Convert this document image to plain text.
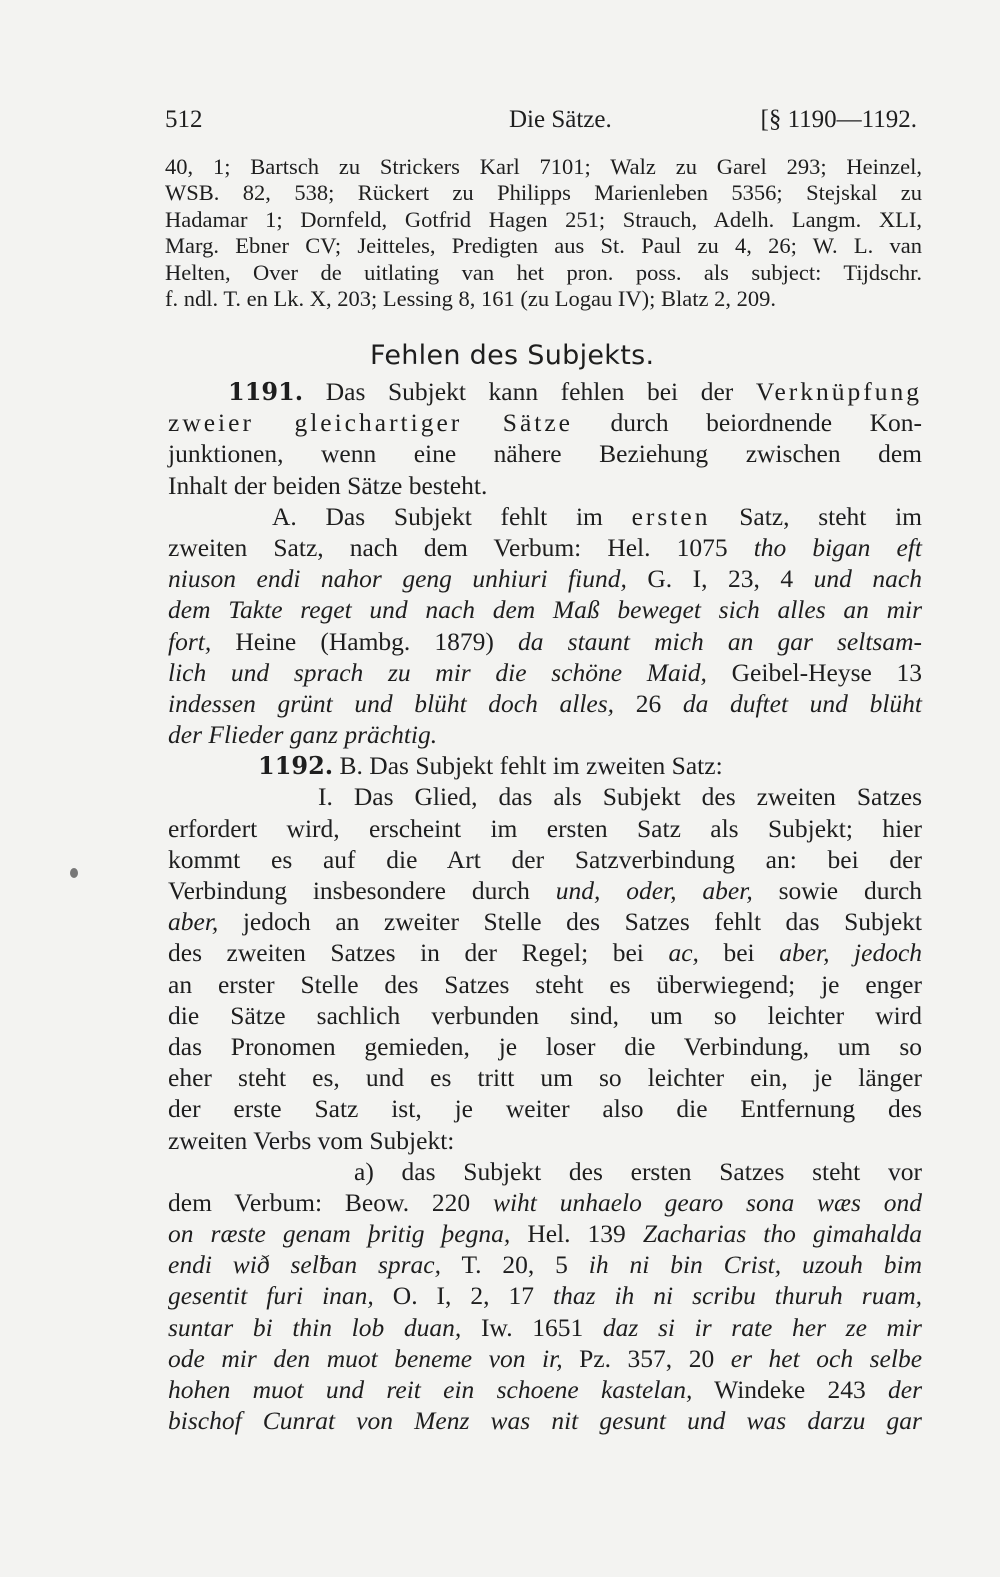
512	Die Sätze.	[§ 1190—1192.
40, 1; Bartsch zu Strickers Karl 7101; Walz zu Garel 293; Heinzel,
WSB. 82, 538; Rückert zu Philipps Marienleben 5356; Stejskal zu
Hadamar 1; Dornfeld, Gotfrid Hagen 251; Strauch, Adelh. Langm. XLI,
Marg. Ebner CV; Jeitteles, Predigten aus St. Paul zu 4, 26; W. L. van
Helten, Over de uitlating van het pron. poss. als subject: Tijdschr.
f. ndl. T. en Lk. X, 203; Lessing 8, 161 (zu Logau IV); Blatz 2, 209.
Fehlen des Subjekts.
1191. Das Subjekt kann fehlen bei der Verknüpfung
zweier gleichartiger Sätze durch beiordnende Kon-
junktionen, wenn eine nähere Beziehung zwischen dem
Inhalt der beiden Sätze besteht.
A. Das Subjekt fehlt im ersten Satz, steht im
zweiten Satz, nach dem Verbum: Hel. 1075 tho bigan eft
niuson endi nahor geng unhiuri fiund, G. I, 23, 4 und nach
dem Takte reget und nach dem Maß beweget sich alles an mir
fort, Heine (Hambg. 1879) da staunt mich an gar seltsam-
lich und sprach zu mir die schöne Maid, Geibel-Heyse 13
indessen grünt und blüht doch alles, 26 da duftet und blüht
der Flieder ganz prächtig.
1192. B. Das Subjekt fehlt im zweiten Satz:
I. Das Glied, das als Subjekt des zweiten Satzes
erfordert wird, erscheint im ersten Satz als Subjekt; hier
kommt es auf die Art der Satzverbindung an: bei der
Verbindung insbesondere durch und, oder, aber, sowie durch
aber, jedoch an zweiter Stelle des Satzes fehlt das Subjekt
des zweiten Satzes in der Regel; bei ac, bei aber, jedoch
an erster Stelle des Satzes steht es überwiegend; je enger
die Sätze sachlich verbunden sind, um so leichter wird
das Pronomen gemieden, je loser die Verbindung, um so
eher steht es, und es tritt um so leichter ein, je länger
der erste Satz ist, je weiter also die Entfernung des
zweiten Verbs vom Subjekt:
a) das Subjekt des ersten Satzes steht vor
dem Verbum: Beow. 220 wiht unhaelo gearo sona wæs ond
on ræste genam þritig þegna, Hel. 139 Zacharias tho gimahalda
endi wið selƀan sprac, T. 20, 5 ih ni bin Crist, uzouh bim
gesentit furi inan, O. I, 2, 17 thaz ih ni scribu thuruh ruam,
suntar bi thin lob duan, Iw. 1651 daz si ir rate her ze mir
ode mir den muot beneme von ir, Pz. 357, 20 er het och selbe
hohen muot und reit ein schoene kastelan, Windeke 243 der
bischof Cunrat von Menz was nit gesunt und was darzu gar
